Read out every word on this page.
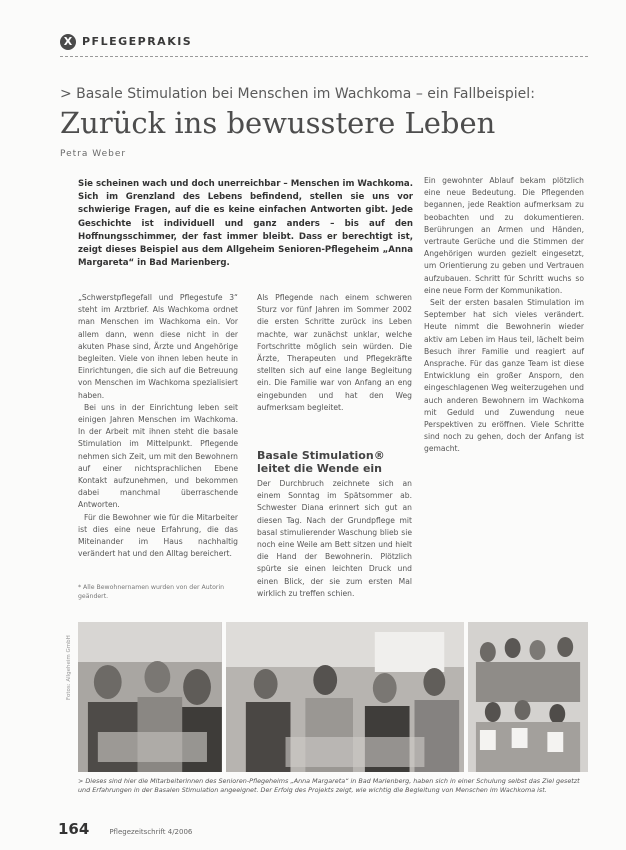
X PFLEGEPRAKIS
> Basale Stimulation bei Menschen im Wachkoma – ein Fallbeispiel:
Zurück ins bewusstere Leben
Petra Weber
Sie scheinen wach und doch unerreichbar – Menschen im Wachkoma. Sich im Grenzland des Lebens befindend, stellen sie uns vor schwierige Fragen, auf die es keine einfachen Antworten gibt. Jede Geschichte ist individuell und ganz anders – bis auf den Hoffnungsschimmer, der fast immer bleibt. Dass er berechtigt ist, zeigt dieses Beispiel aus dem Allgeheim Senioren-Pflegeheim „Anna Margareta“ in Bad Marienberg.

„Schwerstpflegefall und Pflegestufe 3“ steht im Arztbrief. Als Wachkoma ordnet man Menschen im Wachkoma ein. Vor allem dann, wenn diese nicht in der akuten Phase sind, Ärzte und Angehörige begleiten. Viele von ihnen leben heute in Einrichtungen, die sich auf die Betreuung von Menschen im Wachkoma spezialisiert haben.

Bei uns in der Einrichtung leben seit einigen Jahren Menschen im Wachkoma. In der Arbeit mit ihnen steht die basale Stimulation im Mittelpunkt. Pflegende nehmen sich Zeit, um mit den Bewohnern auf einer nichtsprachlichen Ebene Kontakt aufzunehmen, und bekommen dabei manchmal überraschende Antworten.

Für die Bewohner wie für die Mitarbeiter ist dies eine neue Erfahrung, die das Miteinander im Haus nachhaltig verändert hat und den Alltag bereichert.

* Alle Bewohnernamen wurden von der Autorin geändert.

Als Pflegende nach einem schweren Sturz vor fünf Jahren im Sommer 2002 die ersten Schritte zurück ins Leben machte, war zunächst unklar, welche Fortschritte möglich sein würden. Die Ärzte, Therapeuten und Pflegekräfte stellten sich auf eine lange Begleitung ein. Die Familie war von Anfang an eng eingebunden und hat den Weg aufmerksam begleitet.

Basale Stimulation® leitet die Wende ein

Der Durchbruch zeichnete sich an einem Sonntag im Spätsommer ab. Schwester Diana erinnert sich gut an diesen Tag. Nach der Grundpflege mit basal stimulierender Waschung blieb sie noch eine Weile am Bett sitzen und hielt die Hand der Bewohnerin. Plötzlich spürte sie einen leichten Druck und einen Blick, der sie zum ersten Mal wirklich zu treffen schien.

Ein gewohnter Ablauf bekam plötzlich eine neue Bedeutung. Die Pflegenden begannen, jede Reaktion aufmerksam zu beobachten und zu dokumentieren. Berührungen an Armen und Händen, vertraute Gerüche und die Stimmen der Angehörigen wurden gezielt eingesetzt, um Orientierung zu geben und Vertrauen aufzubauen. Schritt für Schritt wuchs so eine neue Form der Kommunikation.

Seit der ersten basalen Stimulation im September hat sich vieles verändert. Heute nimmt die Bewohnerin wieder aktiv am Leben im Haus teil, lächelt beim Besuch ihrer Familie und reagiert auf Ansprache. Für das ganze Team ist diese Entwicklung ein großer Ansporn, den eingeschlagenen Weg weiterzugehen und auch anderen Bewohnern im Wachkoma mit Geduld und Zuwendung neue Perspektiven zu eröffnen. Viele Schritte sind noch zu gehen, doch der Anfang ist gemacht.

Fotos: Allgeheim GmbH
> Dieses sind hier die Mitarbeiterinnen des Senioren-Pflegeheims „Anna Margareta“ in Bad Marienberg, haben sich in einer Schulung selbst das Ziel gesetzt und Erfahrungen in der Basalen Stimulation angeeignet. Der Erfolg des Projekts zeigt, wie wichtig die Begleitung von Menschen im Wachkoma ist.
164	Pflegezeitschrift 4/2006
